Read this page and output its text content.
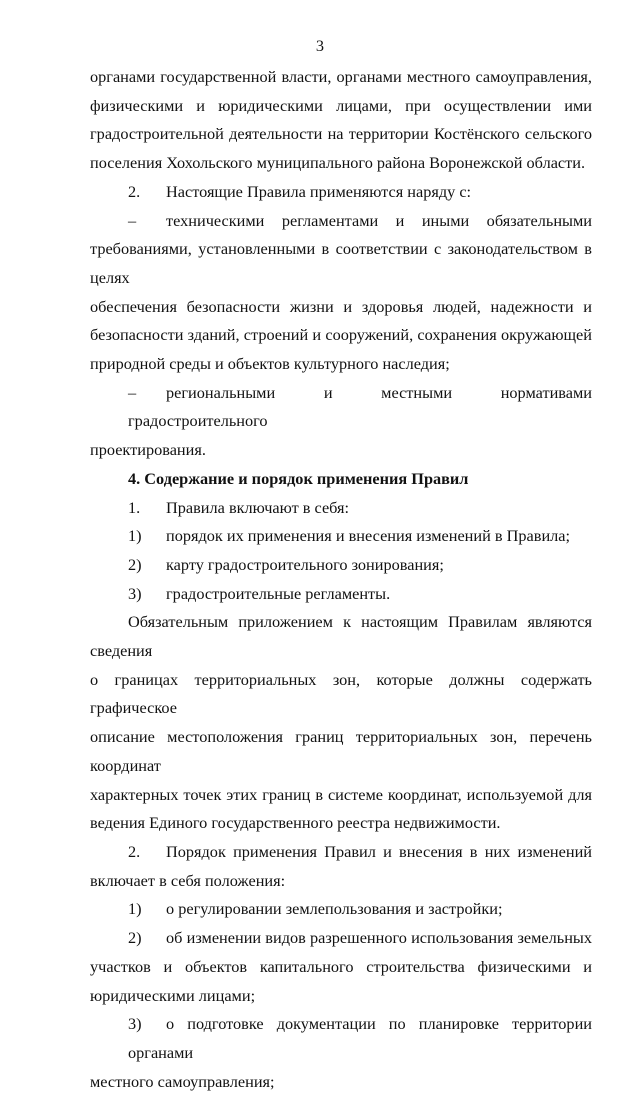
3

органами государственной власти, органами местного самоуправления,

физическими и юридическими лицами, при осуществлении ими

градостроительной деятельности на территории Костёнского сельского

поселения Хохольского муниципального района Воронежской области.

2. Настоящие Правила применяются наряду с:

– техническими регламентами и иными обязательными

требованиями, установленными в соответствии с законодательством в целях

обеспечения безопасности жизни и здоровья людей, надежности и

безопасности зданий, строений и сооружений, сохранения окружающей

природной среды и объектов культурного наследия;

– региональными и местными нормативами градостроительного

проектирования.

4. Содержание и порядок применения Правил

1. Правила включают в себя:

1) порядок их применения и внесения изменений в Правила;

2) карту градостроительного зонирования;

3) градостроительные регламенты.

Обязательным приложением к настоящим Правилам являются сведения

о границах территориальных зон, которые должны содержать графическое

описание местоположения границ территориальных зон, перечень координат

характерных точек этих границ в системе координат, используемой для

ведения Единого государственного реестра недвижимости.

2. Порядок применения Правил и внесения в них изменений

включает в себя положения:

1) о регулировании землепользования и застройки;

2) об изменении видов разрешенного использования земельных

участков и объектов капитального строительства физическими и

юридическими лицами;

3) о подготовке документации по планировке территории органами

местного самоуправления;
